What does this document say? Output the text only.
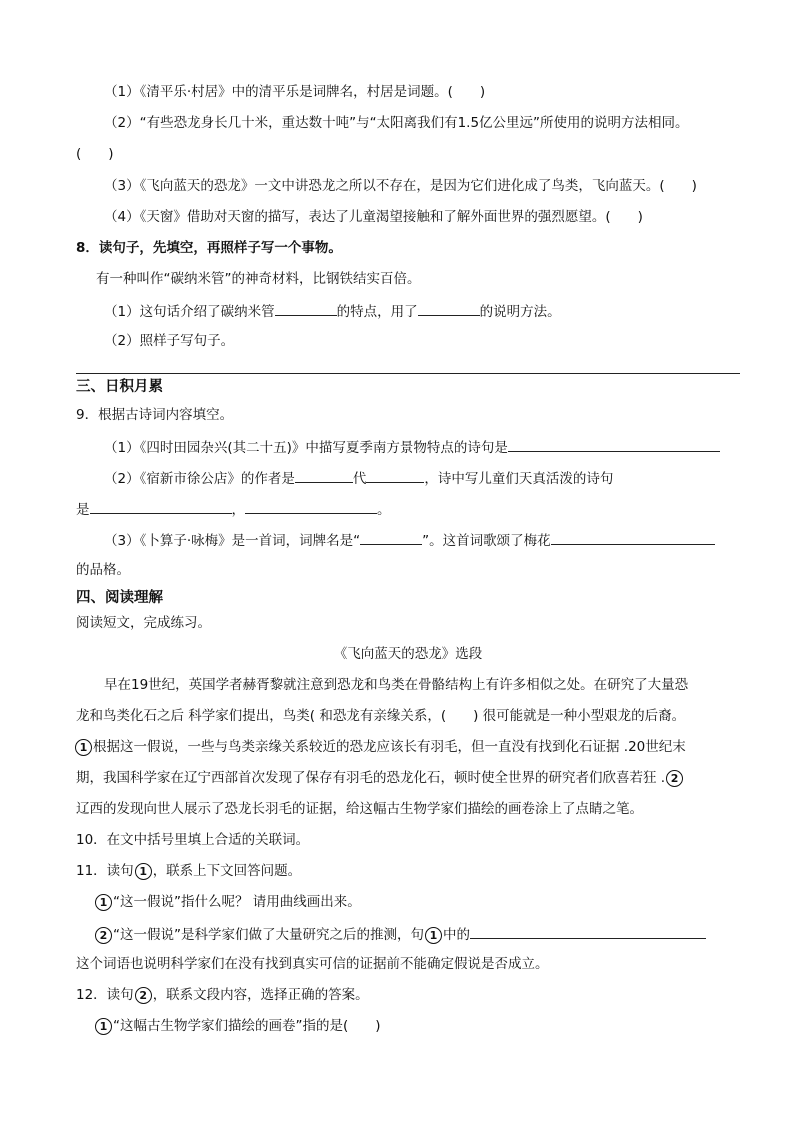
（1）《清平乐·村居》中的清平乐是词牌名，村居是词题。(　　)
（2）“有些恐龙身长几十米，重达数十吨”与“太阳离我们有1.5亿公里远”所使用的说明方法相同。
(　　)
（3）《飞向蓝天的恐龙》一文中讲恐龙之所以不存在，是因为它们进化成了鸟类，飞向蓝天。(　　)
（4）《天窗》借助对天窗的描写，表达了儿童渴望接触和了解外面世界的强烈愿望。(　　)
8．读句子，先填空，再照样子写一个事物。
有一种叫作“碳纳米管”的神奇材料，比钢铁结实百倍。
（1）这句话介绍了碳纳米管	的特点，用了	的说明方法。
（2）照样子写句子。
三、日积月累
9．根据古诗词内容填空。
（1）《四时田园杂兴(其二十五)》中描写夏季南方景物特点的诗句是
（2）《宿新市徐公店》的作者是	代	，诗中写儿童们天真活泼的诗句
是	，	。
（3）《卜算子·咏梅》是一首词，词牌名是“	”。这首词歌颂了梅花
的品格。
四、阅读理解
阅读短文，完成练习。
《飞向蓝天的恐龙》选段
早在19世纪，英国学者赫胥黎就注意到恐龙和鸟类在骨骼结构上有许多相似之处。在研究了大量恐
龙和鸟类化石之后 科学家们提出，鸟类( 和恐龙有亲缘关系，(　　) 很可能就是一种小型艰龙的后裔。
1 根据这一假说，一些与鸟类亲缘关系较近的恐龙应该长有羽毛，但一直没有找到化石证据 .20世纪末
期，我国科学家在辽宁西部首次发现了保存有羽毛的恐龙化石，顿时使全世界的研究者们欣喜若狂 . 2
辽西的发现向世人展示了恐龙长羽毛的证据，给这幅古生物学家们描绘的画卷涂上了点睛之笔。
10．在文中括号里填上合适的关联词。
11．读句 1 ，联系上下文回答问题。
1 “这一假说”指什么呢？ 请用曲线画出来。
2 “这一假说”是科学家们做了大量研究之后的推测，句 1 中的
这个词语也说明科学家们在没有找到真实可信的证据前不能确定假说是否成立。
12．读句 2 ，联系文段内容，选择正确的答案。
1 “这幅古生物学家们描绘的画卷”指的是(　　)
